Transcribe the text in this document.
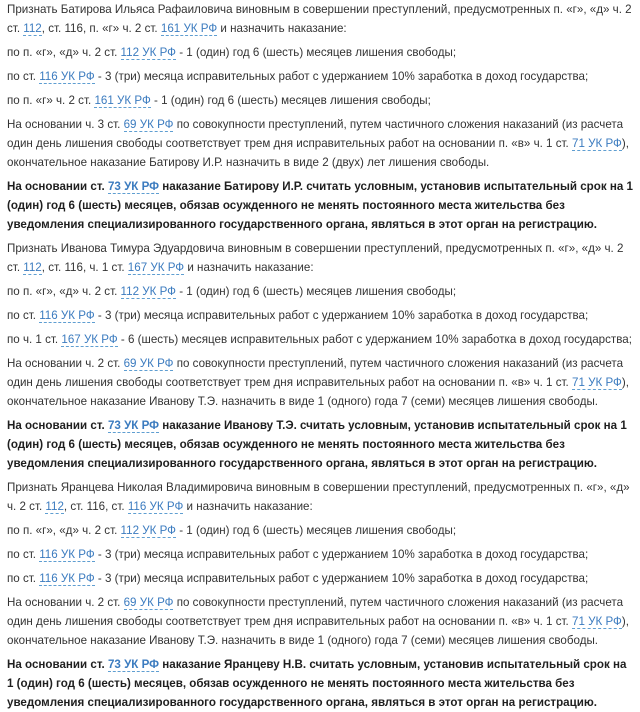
Признать Батирова Ильяса Рафаиловича виновным в совершении преступлений, предусмотренных п. «г», «д» ч. 2 ст. 112, ст. 116, п. «г» ч. 2 ст. 161 УК РФ и назначить наказание:

по п. «г», «д» ч. 2 ст. 112 УК РФ - 1 (один) год 6 (шесть) месяцев лишения свободы;

по ст. 116 УК РФ - 3 (три) месяца исправительных работ с удержанием 10% заработка в доход государства;

по п. «г» ч. 2 ст. 161 УК РФ - 1 (один) год 6 (шесть) месяцев лишения свободы;

На основании ч. 3 ст. 69 УК РФ по совокупности преступлений, путем частичного сложения наказаний (из расчета один день лишения свободы соответствует трем дня исправительных работ на основании п. «в» ч. 1 ст. 71 УК РФ), окончательное наказание Батирову И.Р. назначить в виде 2 (двух) лет лишения свободы.

На основании ст. 73 УК РФ наказание Батирову И.Р. считать условным, установив испытательный срок на 1 (один) год 6 (шесть) месяцев, обязав осужденного не менять постоянного места жительства без уведомления специализированного государственного органа, являться в этот орган на регистрацию.

Признать Иванова Тимура Эдуардовича виновным в совершении преступлений, предусмотренных п. «г», «д» ч. 2 ст. 112, ст. 116, ч. 1 ст. 167 УК РФ и назначить наказание:

по п. «г», «д» ч. 2 ст. 112 УК РФ - 1 (один) год 6 (шесть) месяцев лишения свободы;

по ст. 116 УК РФ - 3 (три) месяца исправительных работ с удержанием 10% заработка в доход государства;

по ч. 1 ст. 167 УК РФ - 6 (шесть) месяцев исправительных работ с удержанием 10% заработка в доход государства;

На основании ч. 2 ст. 69 УК РФ по совокупности преступлений, путем частичного сложения наказаний (из расчета один день лишения свободы соответствует трем дня исправительных работ на основании п. «в» ч. 1 ст. 71 УК РФ), окончательное наказание Иванову Т.Э. назначить в виде 1 (одного) года 7 (семи) месяцев лишения свободы.

На основании ст. 73 УК РФ наказание Иванову Т.Э. считать условным, установив испытательный срок на 1 (один) год 6 (шесть) месяцев, обязав осужденного не менять постоянного места жительства без уведомления специализированного государственного органа, являться в этот орган на регистрацию.

Признать Яранцева Николая Владимировича виновным в совершении преступлений, предусмотренных п. «г», «д» ч. 2 ст. 112, ст. 116, ст. 116 УК РФ и назначить наказание:

по п. «г», «д» ч. 2 ст. 112 УК РФ - 1 (один) год 6 (шесть) месяцев лишения свободы;

по ст. 116 УК РФ - 3 (три) месяца исправительных работ с удержанием 10% заработка в доход государства;

по ст. 116 УК РФ - 3 (три) месяца исправительных работ с удержанием 10% заработка в доход государства;

На основании ч. 2 ст. 69 УК РФ по совокупности преступлений, путем частичного сложения наказаний (из расчета один день лишения свободы соответствует трем дня исправительных работ на основании п. «в» ч. 1 ст. 71 УК РФ), окончательное наказание Иванову Т.Э. назначить в виде 1 (одного) года 7 (семи) месяцев лишения свободы.

На основании ст. 73 УК РФ наказание Яранцеву Н.В. считать условным, установив испытательный срок на 1 (один) год 6 (шесть) месяцев, обязав осужденного не менять постоянного места жительства без уведомления специализированного государственного органа, являться в этот орган на регистрацию.
